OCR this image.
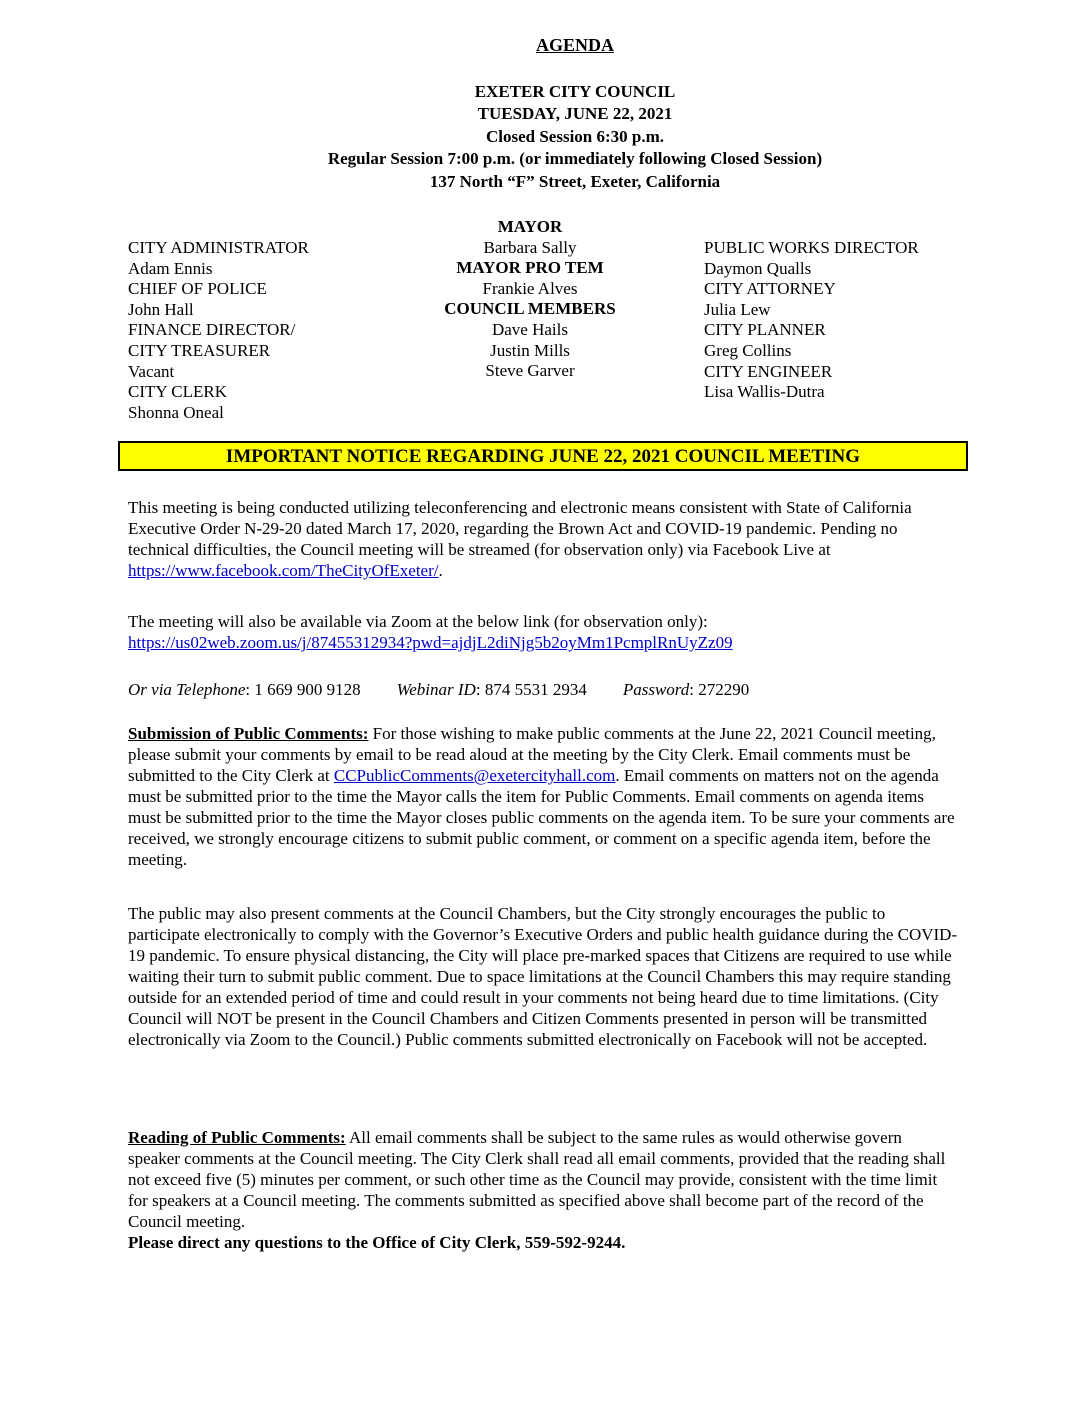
AGENDA
EXETER CITY COUNCIL
TUESDAY, JUNE 22, 2021
Closed Session 6:30 p.m.
Regular Session 7:00 p.m. (or immediately following Closed Session)
137 North “F” Street, Exeter, California
CITY ADMINISTRATOR
Adam Ennis
CHIEF OF POLICE
John Hall
FINANCE DIRECTOR/
CITY TREASURER
Vacant
CITY CLERK
Shonna Oneal
MAYOR
Barbara Sally
MAYOR PRO TEM
Frankie Alves
COUNCIL MEMBERS
Dave Hails
Justin Mills
Steve Garver
PUBLIC WORKS DIRECTOR
Daymon Qualls
CITY ATTORNEY
Julia Lew
CITY PLANNER
Greg Collins
CITY ENGINEER
Lisa Wallis-Dutra
IMPORTANT NOTICE REGARDING JUNE 22, 2021 COUNCIL MEETING

This meeting is being conducted utilizing teleconferencing and electronic means consistent with State of California Executive Order N-29-20 dated March 17, 2020, regarding the Brown Act and COVID-19 pandemic. Pending no technical difficulties, the Council meeting will be streamed (for observation only) via Facebook Live at https://www.facebook.com/TheCityOfExeter/.

The meeting will also be available via Zoom at the below link (for observation only):

https://us02web.zoom.us/j/87455312934?pwd=ajdjL2diNjg5b2oyMm1PcmplRnUyZz09

Or via Telephone: 1 669 900 9128 Webinar ID: 874 5531 2934 Password: 272290

Submission of Public Comments: For those wishing to make public comments at the June 22, 2021 Council meeting, please submit your comments by email to be read aloud at the meeting by the City Clerk. Email comments must be submitted to the City Clerk at CCPublicComments@exetercityhall.com. Email comments on matters not on the agenda must be submitted prior to the time the Mayor calls the item for Public Comments. Email comments on agenda items must be submitted prior to the time the Mayor closes public comments on the agenda item. To be sure your comments are received, we strongly encourage citizens to submit public comment, or comment on a specific agenda item, before the meeting.

The public may also present comments at the Council Chambers, but the City strongly encourages the public to participate electronically to comply with the Governor’s Executive Orders and public health guidance during the COVID-19 pandemic. To ensure physical distancing, the City will place pre-marked spaces that Citizens are required to use while waiting their turn to submit public comment. Due to space limitations at the Council Chambers this may require standing outside for an extended period of time and could result in your comments not being heard due to time limitations. (City Council will NOT be present in the Council Chambers and Citizen Comments presented in person will be transmitted electronically via Zoom to the Council.) Public comments submitted electronically on Facebook will not be accepted.

Reading of Public Comments: All email comments shall be subject to the same rules as would otherwise govern speaker comments at the Council meeting. The City Clerk shall read all email comments, provided that the reading shall not exceed five (5) minutes per comment, or such other time as the Council may provide, consistent with the time limit for speakers at a Council meeting. The comments submitted as specified above shall become part of the record of the Council meeting.

Please direct any questions to the Office of City Clerk, 559-592-9244.
